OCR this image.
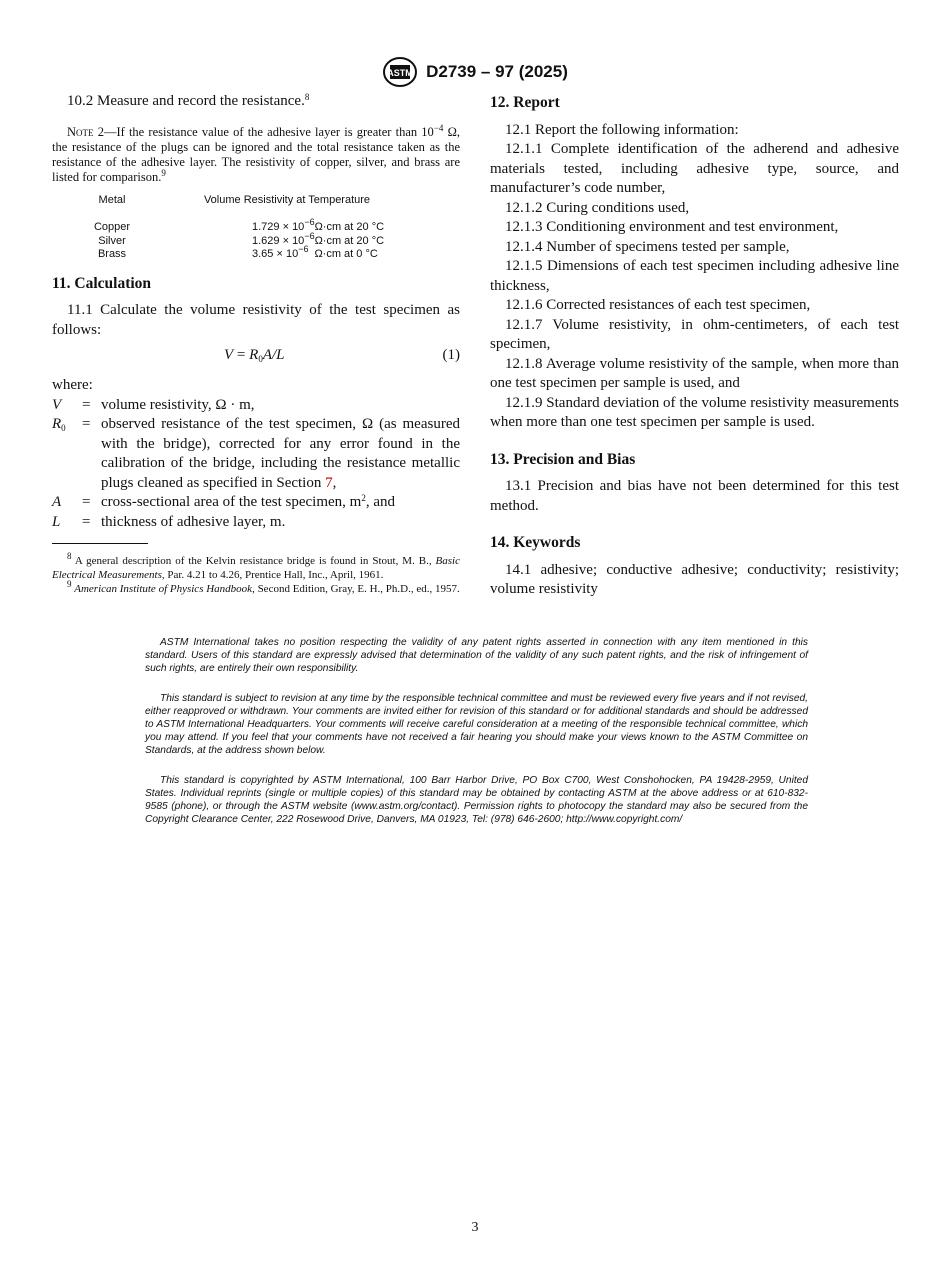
ASTM D2739 – 97 (2025)

10.2 Measure and record the resistance.$^8$

Note 2—If the resistance value of the adhesive layer is greater than $10^{-4}$ Ω, the resistance of the plugs can be ignored and the total resistance taken as the resistance of the adhesive layer. The resistivity of copper, silver, and brass are listed for comparison.$^9$

Metal	Volume Resistivity at Temperature

Copper	$1.729 \times 10^{-6}\Omega\cdot cm$ at 20 °C
Silver	$1.629 \times 10^{-6}\Omega\cdot cm$ at 20 °C
Brass	$3.65 \times 10^{-6}$ Ω·cm at 0 °C
11. Calculation

11.1 Calculate the volume resistivity of the test specimen as follows:

$V = R_0A/L$	(1)

where:

V	= volume resistivity, Ω · m,
$R_0$	= observed resistance of the test specimen, Ω (as measured with the bridge), corrected for any error found in the calibration of the bridge, including the resistance metallic plugs cleaned as specified in Section 7,
A	= cross-sectional area of the test specimen, $m^2$, and
L	= thickness of adhesive layer, m.

$^8$ A general description of the Kelvin resistance bridge is found in Stout, M. B., Basic Electrical Measurements, Par. 4.21 to 4.26, Prentice Hall, Inc., April, 1961.

$^9$ American Institute of Physics Handbook, Second Edition, Gray, E. H., Ph.D., ed., 1957.

12. Report

12.1 Report the following information:

12.1.1 Complete identification of the adherend and adhesive materials tested, including adhesive type, source, and manufacturer’s code number,

12.1.2 Curing conditions used,

12.1.3 Conditioning environment and test environment,

12.1.4 Number of specimens tested per sample,

12.1.5 Dimensions of each test specimen including adhesive line thickness,

12.1.6 Corrected resistances of each test specimen,

12.1.7 Volume resistivity, in ohm-centimeters, of each test specimen,

12.1.8 Average volume resistivity of the sample, when more than one test specimen per sample is used, and

12.1.9 Standard deviation of the volume resistivity measurements when more than one test specimen per sample is used.

13. Precision and Bias

13.1 Precision and bias have not been determined for this test method.

14. Keywords

14.1 adhesive; conductive adhesive; conductivity; resistivity; volume resistivity

ASTM International takes no position respecting the validity of any patent rights asserted in connection with any item mentioned in this standard. Users of this standard are expressly advised that determination of the validity of any such patent rights, and the risk of infringement of such rights, are entirely their own responsibility.

This standard is subject to revision at any time by the responsible technical committee and must be reviewed every five years and if not revised, either reapproved or withdrawn. Your comments are invited either for revision of this standard or for additional standards and should be addressed to ASTM International Headquarters. Your comments will receive careful consideration at a meeting of the responsible technical committee, which you may attend. If you feel that your comments have not received a fair hearing you should make your views known to the ASTM Committee on Standards, at the address shown below.

This standard is copyrighted by ASTM International, 100 Barr Harbor Drive, PO Box C700, West Conshohocken, PA 19428-2959, United States. Individual reprints (single or multiple copies) of this standard may be obtained by contacting ASTM at the above address or at 610-832-9585 (phone), or through the ASTM website (www.astm.org/contact). Permission rights to photocopy the standard may also be secured from the Copyright Clearance Center, 222 Rosewood Drive, Danvers, MA 01923, Tel: (978) 646-2600; http://www.copyright.com/

3
